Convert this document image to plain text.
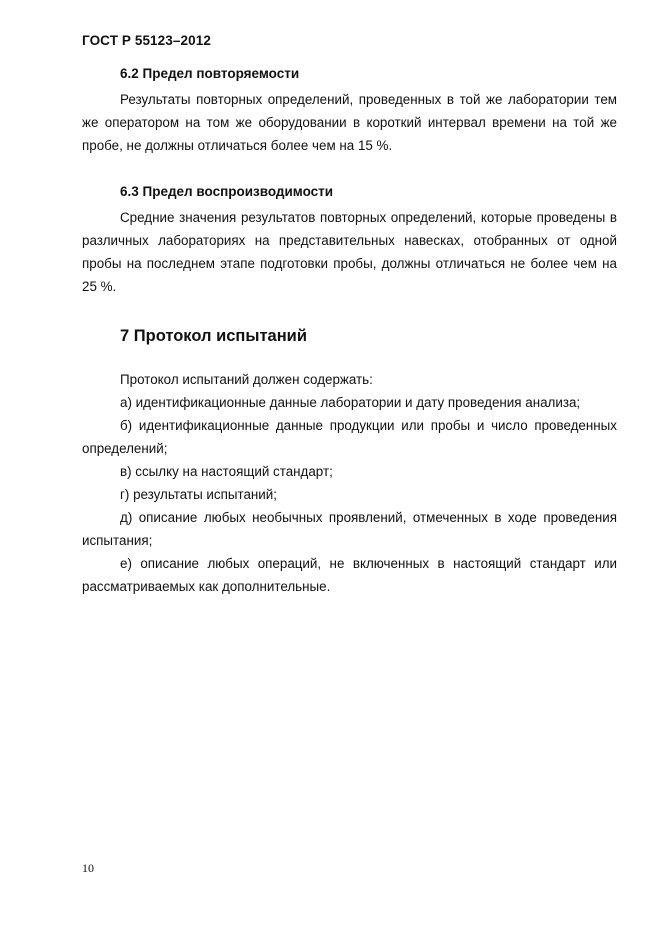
ГОСТ Р 55123–2012
6.2 Предел повторяемости

Результаты повторных определений, проведенных в той же лаборатории тем же оператором на том же оборудовании в короткий интервал времени на той же пробе, не должны отличаться более чем на 15 %.

6.3 Предел воспроизводимости

Средние значения результатов повторных определений, которые проведены в различных лабораториях на представительных навесках, отобранных от одной пробы на последнем этапе подготовки пробы, должны отличаться не более чем на 25 %.

7 Протокол испытаний

Протокол испытаний должен содержать:

а) идентификационные данные лаборатории и дату проведения анализа;

б) идентификационные данные продукции или пробы и число проведенных определений;

в) ссылку на настоящий стандарт;

г) результаты испытаний;

д) описание любых необычных проявлений, отмеченных в ходе проведения испытания;

е) описание любых операций, не включенных в настоящий стандарт или рассматриваемых как дополнительные.

10
